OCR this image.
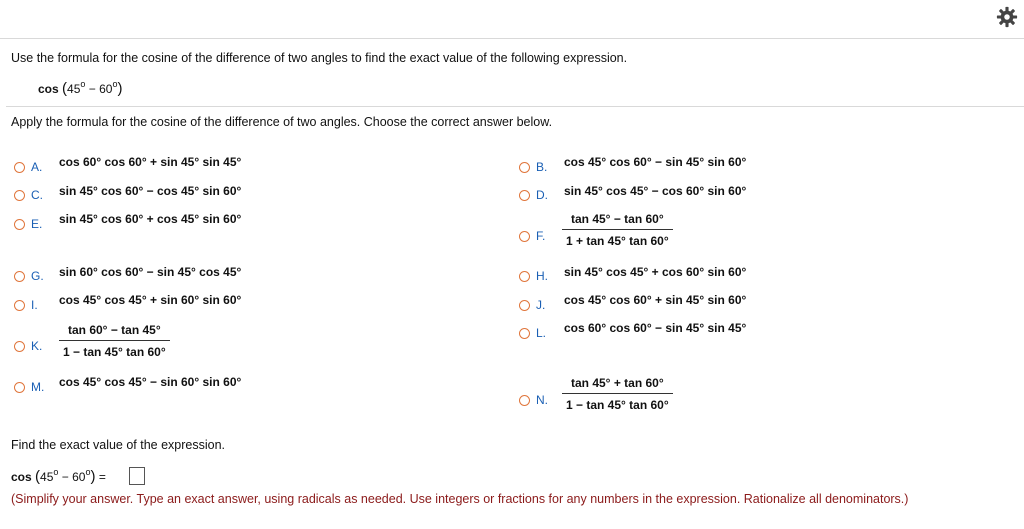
Use the formula for the cosine of the difference of two angles to find the exact value of the following expression.
$\cos (45^o - 60^o)$
Apply the formula for the cosine of the difference of two angles. Choose the correct answer below.
A. cos 60° cos 60° + sin 45° sin 45°
C. sin 45° cos 60° − cos 45° sin 60°
E. sin 45° cos 60° + cos 45° sin 60°
G. sin 60° cos 60° − sin 45° cos 45°
I. cos 45° cos 45° + sin 60° sin 60°
K.
tan 60° − tan 45°
1 − tan 45° tan 60°
M. cos 45° cos 45° − sin 60° sin 60°
B. cos 45° cos 60° − sin 45° sin 60°
D. sin 45° cos 45° − cos 60° sin 60°
F.
tan 45° − tan 60°
1 + tan 45° tan 60°
H. sin 45° cos 45° + cos 60° sin 60°
J. cos 45° cos 60° + sin 45° sin 60°
L. cos 60° cos 60° − sin 45° sin 45°
N.
tan 45° + tan 60°
1 − tan 45° tan 60°
Find the exact value of the expression.
$\cos (45^o - 60^o)$ =
(Simplify your answer. Type an exact answer, using radicals as needed. Use integers or fractions for any numbers in the expression. Rationalize all denominators.)
